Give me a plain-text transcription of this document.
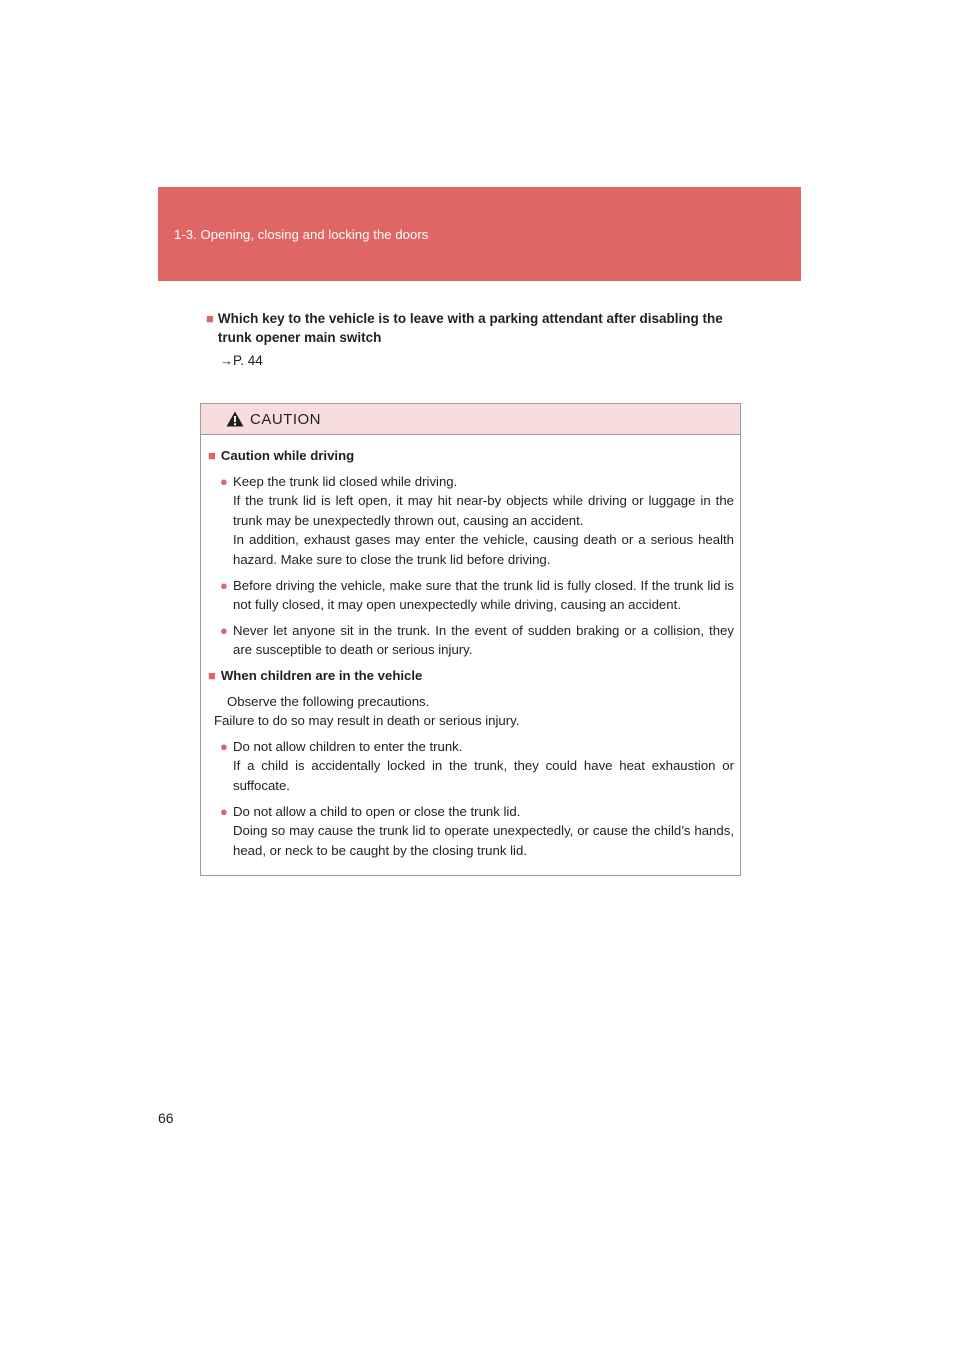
1-3. Opening, closing and locking the doors
■ Which key to the vehicle is to leave with a parking attendant after disabling the trunk opener main switch
→P. 44
CAUTION
■ Caution while driving
● Keep the trunk lid closed while driving.
If the trunk lid is left open, it may hit near-by objects while driving or luggage in the trunk may be unexpectedly thrown out, causing an accident.
In addition, exhaust gases may enter the vehicle, causing death or a serious health hazard. Make sure to close the trunk lid before driving.
● Before driving the vehicle, make sure that the trunk lid is fully closed. If the trunk lid is not fully closed, it may open unexpectedly while driving, causing an accident.
● Never let anyone sit in the trunk. In the event of sudden braking or a collision, they are susceptible to death or serious injury.
■ When children are in the vehicle
Observe the following precautions.
Failure to do so may result in death or serious injury.
● Do not allow children to enter the trunk.
If a child is accidentally locked in the trunk, they could have heat exhaustion or suffocate.
● Do not allow a child to open or close the trunk lid.
Doing so may cause the trunk lid to operate unexpectedly, or cause the child’s hands, head, or neck to be caught by the closing trunk lid.
66
